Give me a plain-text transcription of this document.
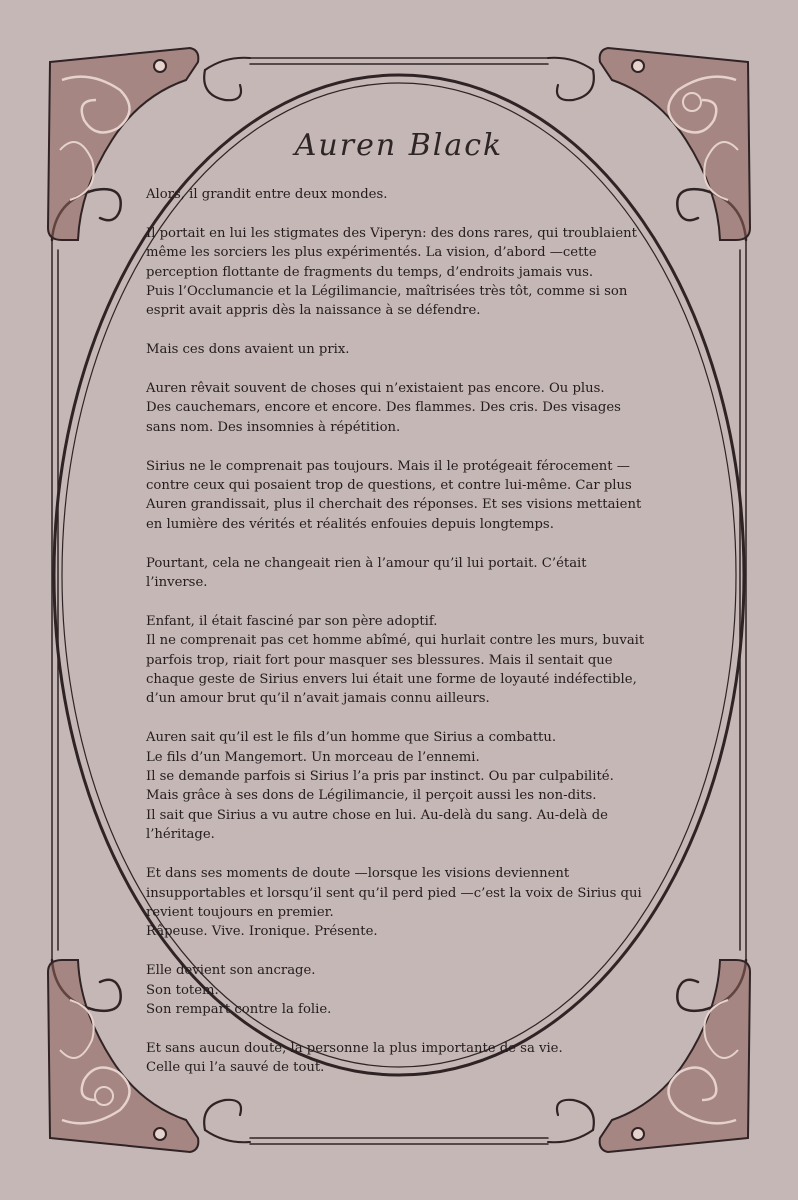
Auren Black
Alors, il grandit entre deux mondes.
Il portait en lui les stigmates des Viperyn: des dons rares, qui troublaient même les sorciers les plus expérimentés. La vision, d’abord —cette perception flottante de fragments du temps, d’endroits jamais vus.
Puis l’Occlumancie et la Légilimancie, maîtrisées très tôt, comme si son esprit avait appris dès la naissance à se défendre.
Mais ces dons avaient un prix.
Auren rêvait souvent de choses qui n’existaient pas encore. Ou plus.
Des cauchemars, encore et encore. Des flammes. Des cris. Des visages sans nom. Des insomnies à répétition.
Sirius ne le comprenait pas toujours. Mais il le protégeait férocement —contre ceux qui posaient trop de questions, et contre lui-même. Car plus Auren grandissait, plus il cherchait des réponses. Et ses visions mettaient en lumière des vérités et réalités enfouies depuis longtemps.
Pourtant, cela ne changeait rien à l’amour qu’il lui portait. C’était l’inverse.
Enfant, il était fasciné par son père adoptif.
Il ne comprenait pas cet homme abîmé, qui hurlait contre les murs, buvait parfois trop, riait fort pour masquer ses blessures. Mais il sentait que chaque geste de Sirius envers lui était une forme de loyauté indéfectible, d’un amour brut qu’il n’avait jamais connu ailleurs.
Auren sait qu’il est le fils d’un homme que Sirius a combattu.
Le fils d’un Mangemort. Un morceau de l’ennemi.
Il se demande parfois si Sirius l’a pris par instinct. Ou par culpabilité.
Mais grâce à ses dons de Légilimancie, il perçoit aussi les non-dits.
Il sait que Sirius a vu autre chose en lui. Au-delà du sang. Au-delà de l’héritage.
Et dans ses moments de doute —lorsque les visions deviennent insupportables et lorsqu’il sent qu’il perd pied —c’est la voix de Sirius qui revient toujours en premier.
Râpeuse. Vive. Ironique. Présente.
Elle devient son ancrage.
Son totem.
Son rempart contre la folie.
Et sans aucun doute, la personne la plus importante de sa vie.
Celle qui l’a sauvé de tout.
